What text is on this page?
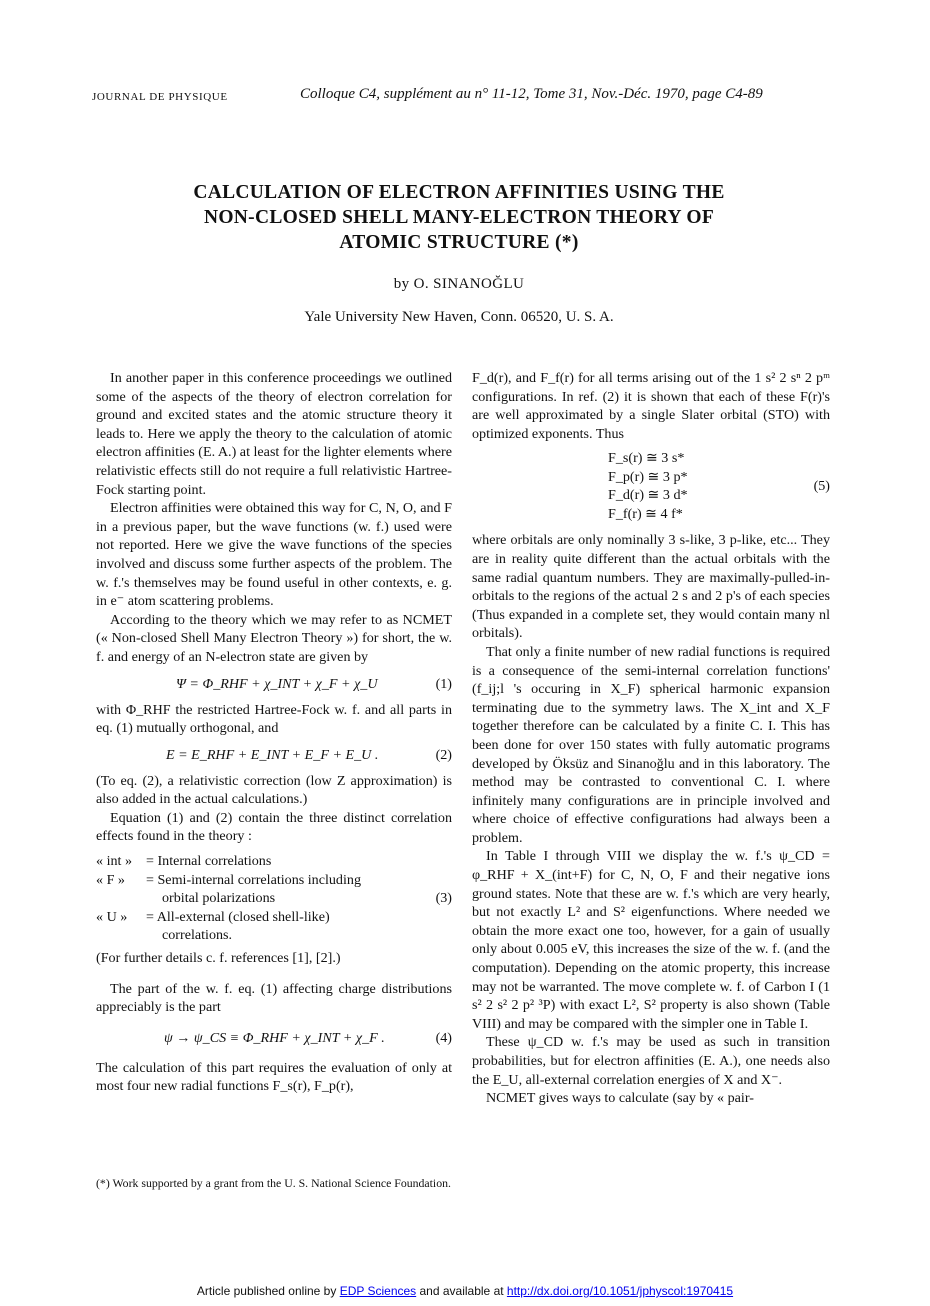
JOURNAL DE PHYSIQUE	Colloque C4, supplément au n° 11-12, Tome 31, Nov.-Déc. 1970, page C4-89
CALCULATION OF ELECTRON AFFINITIES USING THE
NON-CLOSED SHELL MANY-ELECTRON THEORY OF
ATOMIC STRUCTURE (*)
by O. SINANOĞLU
Yale University New Haven, Conn. 06520, U. S. A.

In another paper in this conference proceedings we outlined some of the aspects of the theory of electron correlation for ground and excited states and the atomic structure theory it leads to. Here we apply the theory to the calculation of atomic electron affinities (E. A.) at least for the lighter elements where relativistic effects still do not require a full relativistic Hartree-Fock starting point.

Electron affinities were obtained this way for C, N, O, and F in a previous paper, but the wave functions (w. f.) used were not reported. Here we give the wave functions of the species involved and discuss some further aspects of the problem. The w. f.'s themselves may be found useful in other contexts, e. g. in e⁻ atom scattering problems.

According to the theory which we may refer to as NCMET (« Non-closed Shell Many Electron Theory ») for short, the w. f. and energy of an N-electron state are given by

Ψ = Φ_RHF + χ_INT + χ_F + χ_U	(1)

with Φ_RHF the restricted Hartree-Fock w. f. and all parts in eq. (1) mutually orthogonal, and

E = E_RHF + E_INT + E_F + E_U .	(2)

(To eq. (2), a relativistic correction (low Z approximation) is also added in the actual calculations.)

Equation (1) and (2) contain the three distinct correlation effects found in the theory :

« int » = Internal correlations
« F » = Semi-internal correlations including
orbital polarizations
« U » = All-external (closed shell-like)
correlations.
(3)

(For further details c. f. references [1], [2].)

The part of the w. f. eq. (1) affecting charge distributions appreciably is the part

ψ → ψ_CS ≡ Φ_RHF + χ_INT + χ_F .	(4)

The calculation of this part requires the evaluation of only at most four new radial functions F_s(r), F_p(r),

(*) Work supported by a grant from the U. S. National Science Foundation.

F_d(r), and F_f(r) for all terms arising out of the 1 s² 2 sⁿ 2 pᵐ configurations. In ref. (2) it is shown that each of these F(r)'s are well approximated by a single Slater orbital (STO) with optimized exponents. Thus

F_s(r) ≅ 3 s*
F_p(r) ≅ 3 p*
F_d(r) ≅ 3 d*
F_f(r) ≅ 4 f*
(5)

where orbitals are only nominally 3 s-like, 3 p-like, etc... They are in reality quite different than the actual orbitals with the same radial quantum numbers. They are maximally-pulled-in-orbitals to the regions of the actual 2 s and 2 p's of each species (Thus expanded in a complete set, they would contain many nl orbitals).

That only a finite number of new radial functions is required is a consequence of the semi-internal correlation functions' (f_ij;l 's occuring in X_F) spherical harmonic expansion terminating due to the symmetry laws. The X_int and X_F together therefore can be calculated by a finite C. I. This has been done for over 150 states with fully automatic programs developed by Öksüz and Sinanoğlu and in this laboratory. The method may be contrasted to conventional C. I. where infinitely many configurations are in principle involved and where choice of effective configurations had always been a problem.

In Table I through VIII we display the w. f.'s ψ_CD = φ_RHF + X_(int+F) for C, N, O, F and their negative ions ground states. Note that these are w. f.'s which are very hearly, but not exactly L² and S² eigenfunctions. Where needed we obtain the more exact one too, however, for a gain of usually only about 0.005 eV, this increases the size of the w. f. (and the computation). Depending on the atomic property, this increase may not be warranted. The move complete w. f. of Carbon I (1 s² 2 s² 2 p² ³P) with exact L², S² property is also shown (Table VIII) and may be compared with the simpler one in Table I.

These ψ_CD w. f.'s may be used as such in transition probabilities, but for electron affinities (E. A.), one needs also the E_U, all-external correlation energies of X and X⁻.

NCMET gives ways to calculate (say by « pair-

Article published online by EDP Sciences and available at http://dx.doi.org/10.1051/jphyscol:1970415
